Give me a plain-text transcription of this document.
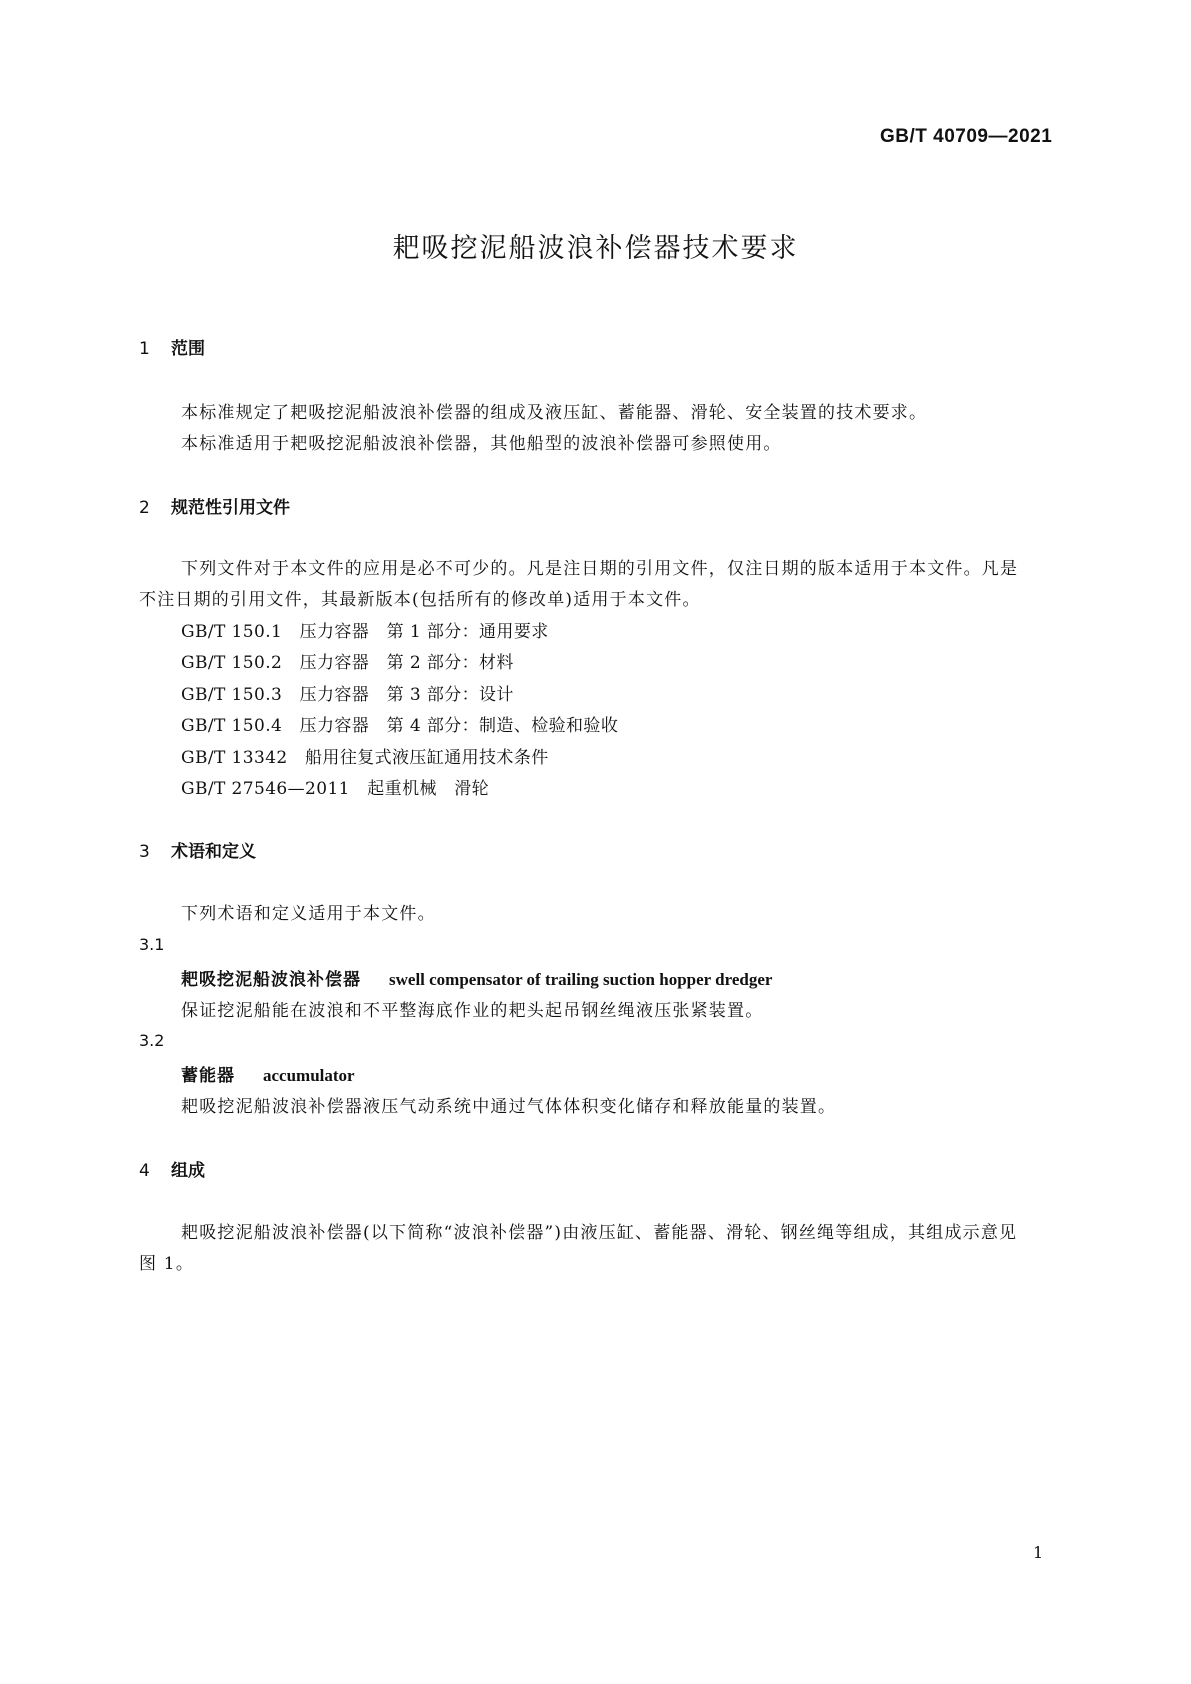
GB/T 40709—2021
耙吸挖泥船波浪补偿器技术要求
1 范围
本标准规定了耙吸挖泥船波浪补偿器的组成及液压缸、蓄能器、滑轮、安全装置的技术要求。
本标准适用于耙吸挖泥船波浪补偿器，其他船型的波浪补偿器可参照使用。
2 规范性引用文件
下列文件对于本文件的应用是必不可少的。凡是注日期的引用文件，仅注日期的版本适用于本文件。凡是不注日期的引用文件，其最新版本(包括所有的修改单)适用于本文件。
GB/T 150.1　压力容器　第 1 部分：通用要求
GB/T 150.2　压力容器　第 2 部分：材料
GB/T 150.3　压力容器　第 3 部分：设计
GB/T 150.4　压力容器　第 4 部分：制造、检验和验收
GB/T 13342　船用往复式液压缸通用技术条件
GB/T 27546—2011　起重机械　滑轮
3 术语和定义
下列术语和定义适用于本文件。
3.1
耙吸挖泥船波浪补偿器 swell compensator of trailing suction hopper dredger
保证挖泥船能在波浪和不平整海底作业的耙头起吊钢丝绳液压张紧装置。
3.2
蓄能器 accumulator
耙吸挖泥船波浪补偿器液压气动系统中通过气体体积变化储存和释放能量的装置。
4 组成
耙吸挖泥船波浪补偿器(以下简称“波浪补偿器”)由液压缸、蓄能器、滑轮、钢丝绳等组成，其组成示意见图 1。
1
